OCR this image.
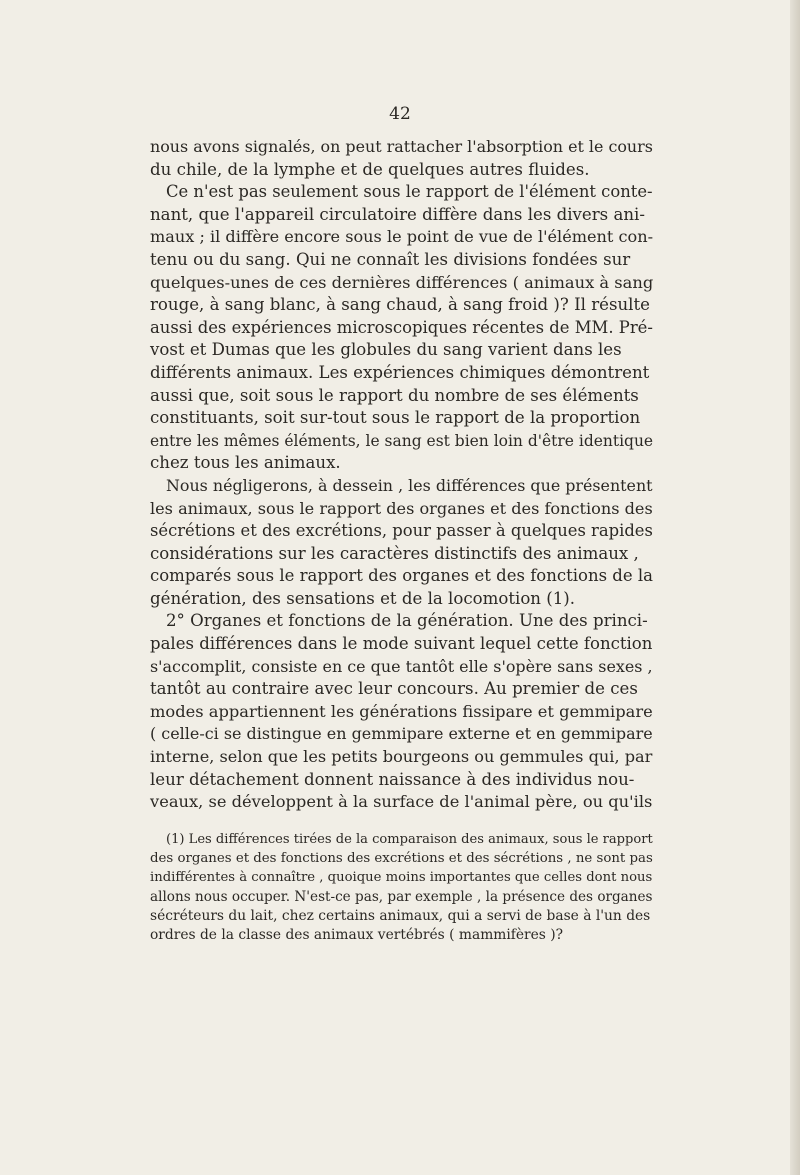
42
nous avons signalés, on peut rattacher l'absorption et le cours
du chile, de la lymphe et de quelques autres fluides.
Ce n'est pas seulement sous le rapport de l'élément conte-
nant, que l'appareil circulatoire diffère dans les divers ani-
maux ; il diffère encore sous le point de vue de l'élément con-
tenu ou du sang. Qui ne connaît les divisions fondées sur
quelques-unes de ces dernières différences ( animaux à sang
rouge, à sang blanc, à sang chaud, à sang froid )? Il résulte
aussi des expériences microscopiques récentes de MM. Pré-
vost et Dumas que les globules du sang varient dans les
différents animaux. Les expériences chimiques démontrent
aussi que, soit sous le rapport du nombre de ses éléments
constituants, soit sur-tout sous le rapport de la proportion
entre les mêmes éléments, le sang est bien loin d'être identique
chez tous les animaux.
Nous négligerons, à dessein , les différences que présentent
les animaux, sous le rapport des organes et des fonctions des
sécrétions et des excrétions, pour passer à quelques rapides
considérations sur les caractères distinctifs des animaux ,
comparés sous le rapport des organes et des fonctions de la
génération, des sensations et de la locomotion (1).
2° Organes et fonctions de la génération. Une des princi-
pales différences dans le mode suivant lequel cette fonction
s'accomplit, consiste en ce que tantôt elle s'opère sans sexes ,
tantôt au contraire avec leur concours. Au premier de ces
modes appartiennent les générations fissipare et gemmipare
( celle-ci se distingue en gemmipare externe et en gemmipare
interne, selon que les petits bourgeons ou gemmules qui, par
leur détachement donnent naissance à des individus nou-
veaux, se développent à la surface de l'animal père, ou qu'ils
(1) Les différences tirées de la comparaison des animaux, sous le rapport
des organes et des fonctions des excrétions et des sécrétions , ne sont pas
indifférentes à connaître , quoique moins importantes que celles dont nous
allons nous occuper. N'est-ce pas, par exemple , la présence des organes
sécréteurs du lait, chez certains animaux, qui a servi de base à l'un des
ordres de la classe des animaux vertébrés ( mammifères )?
